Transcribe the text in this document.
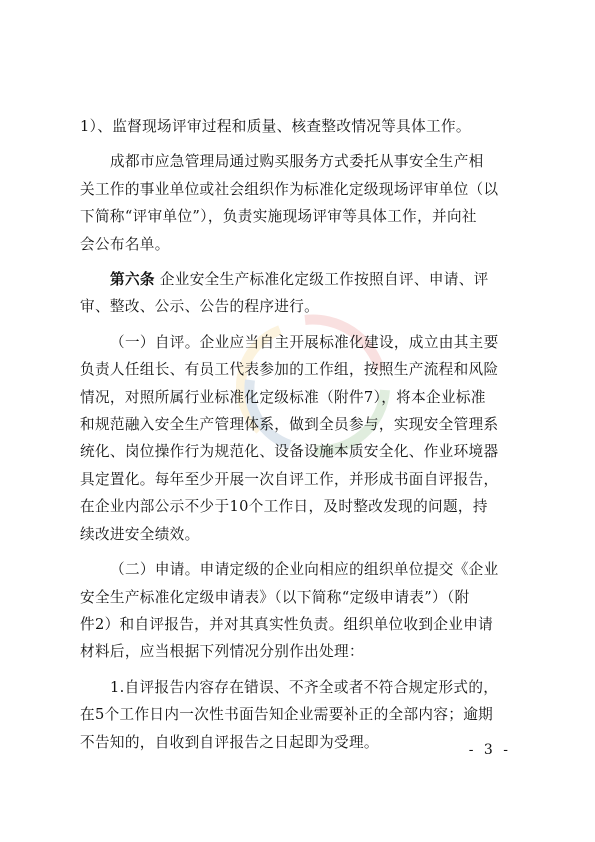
1）、监督现场评审过程和质量、核查整改情况等具体工作。

成都市应急管理局通过购买服务方式委托从事安全生产相
关工作的事业单位或社会组织作为标准化定级现场评审单位（以
下简称“评审单位”），负责实施现场评审等具体工作，并向社
会公布名单。

第六条 企业安全生产标准化定级工作按照自评、申请、评
审、整改、公示、公告的程序进行。

（一）自评。企业应当自主开展标准化建设，成立由其主要
负责人任组长、有员工代表参加的工作组，按照生产流程和风险
情况，对照所属行业标准化定级标准（附件7），将本企业标准
和规范融入安全生产管理体系，做到全员参与，实现安全管理系
统化、岗位操作行为规范化、设备设施本质安全化、作业环境器
具定置化。每年至少开展一次自评工作，并形成书面自评报告，
在企业内部公示不少于10个工作日，及时整改发现的问题，持
续改进安全绩效。

（二）申请。申请定级的企业向相应的组织单位提交《企业
安全生产标准化定级申请表》（以下简称“定级申请表”）（附
件2）和自评报告，并对其真实性负责。组织单位收到企业申请
材料后，应当根据下列情况分别作出处理：

1.自评报告内容存在错误、不齐全或者不符合规定形式的，
在5个工作日内一次性书面告知企业需要补正的全部内容；逾期
不告知的，自收到自评报告之日起即为受理。	- 3 -
